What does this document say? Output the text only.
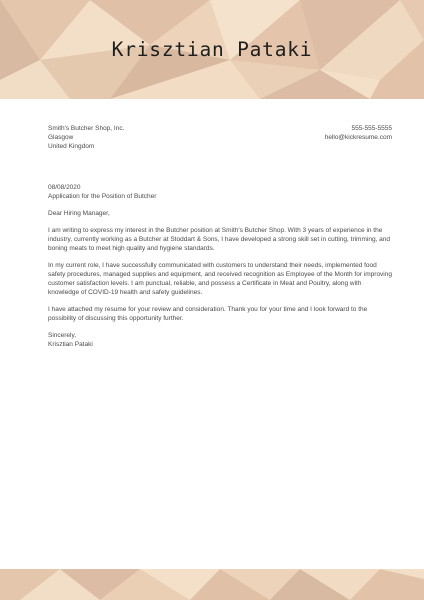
Krisztian Pataki
Smith's Butcher Shop, Inc.
Glasgow
United Kingdom
555-555-5555
hello@kickresume.com
08/08/2020
Application for the Position of Butcher

Dear Hiring Manager,

I am writing to express my interest in the Butcher position at Smith's Butcher Shop. With 3 years of experience in the industry, currently working as a Butcher at Stoddart & Sons, I have developed a strong skill set in cutting, trimming, and boning meats to meet high quality and hygiene standards.

In my current role, I have successfully communicated with customers to understand their needs, implemented food safety procedures, managed supplies and equipment, and received recognition as Employee of the Month for improving customer satisfaction levels. I am punctual, reliable, and possess a Certificate in Meat and Poultry, along with knowledge of COVID-19 health and safety guidelines.

I have attached my resume for your review and consideration. Thank you for your time and I look forward to the possibility of discussing this opportunity further.

Sincerely,
Krisztian Pataki
